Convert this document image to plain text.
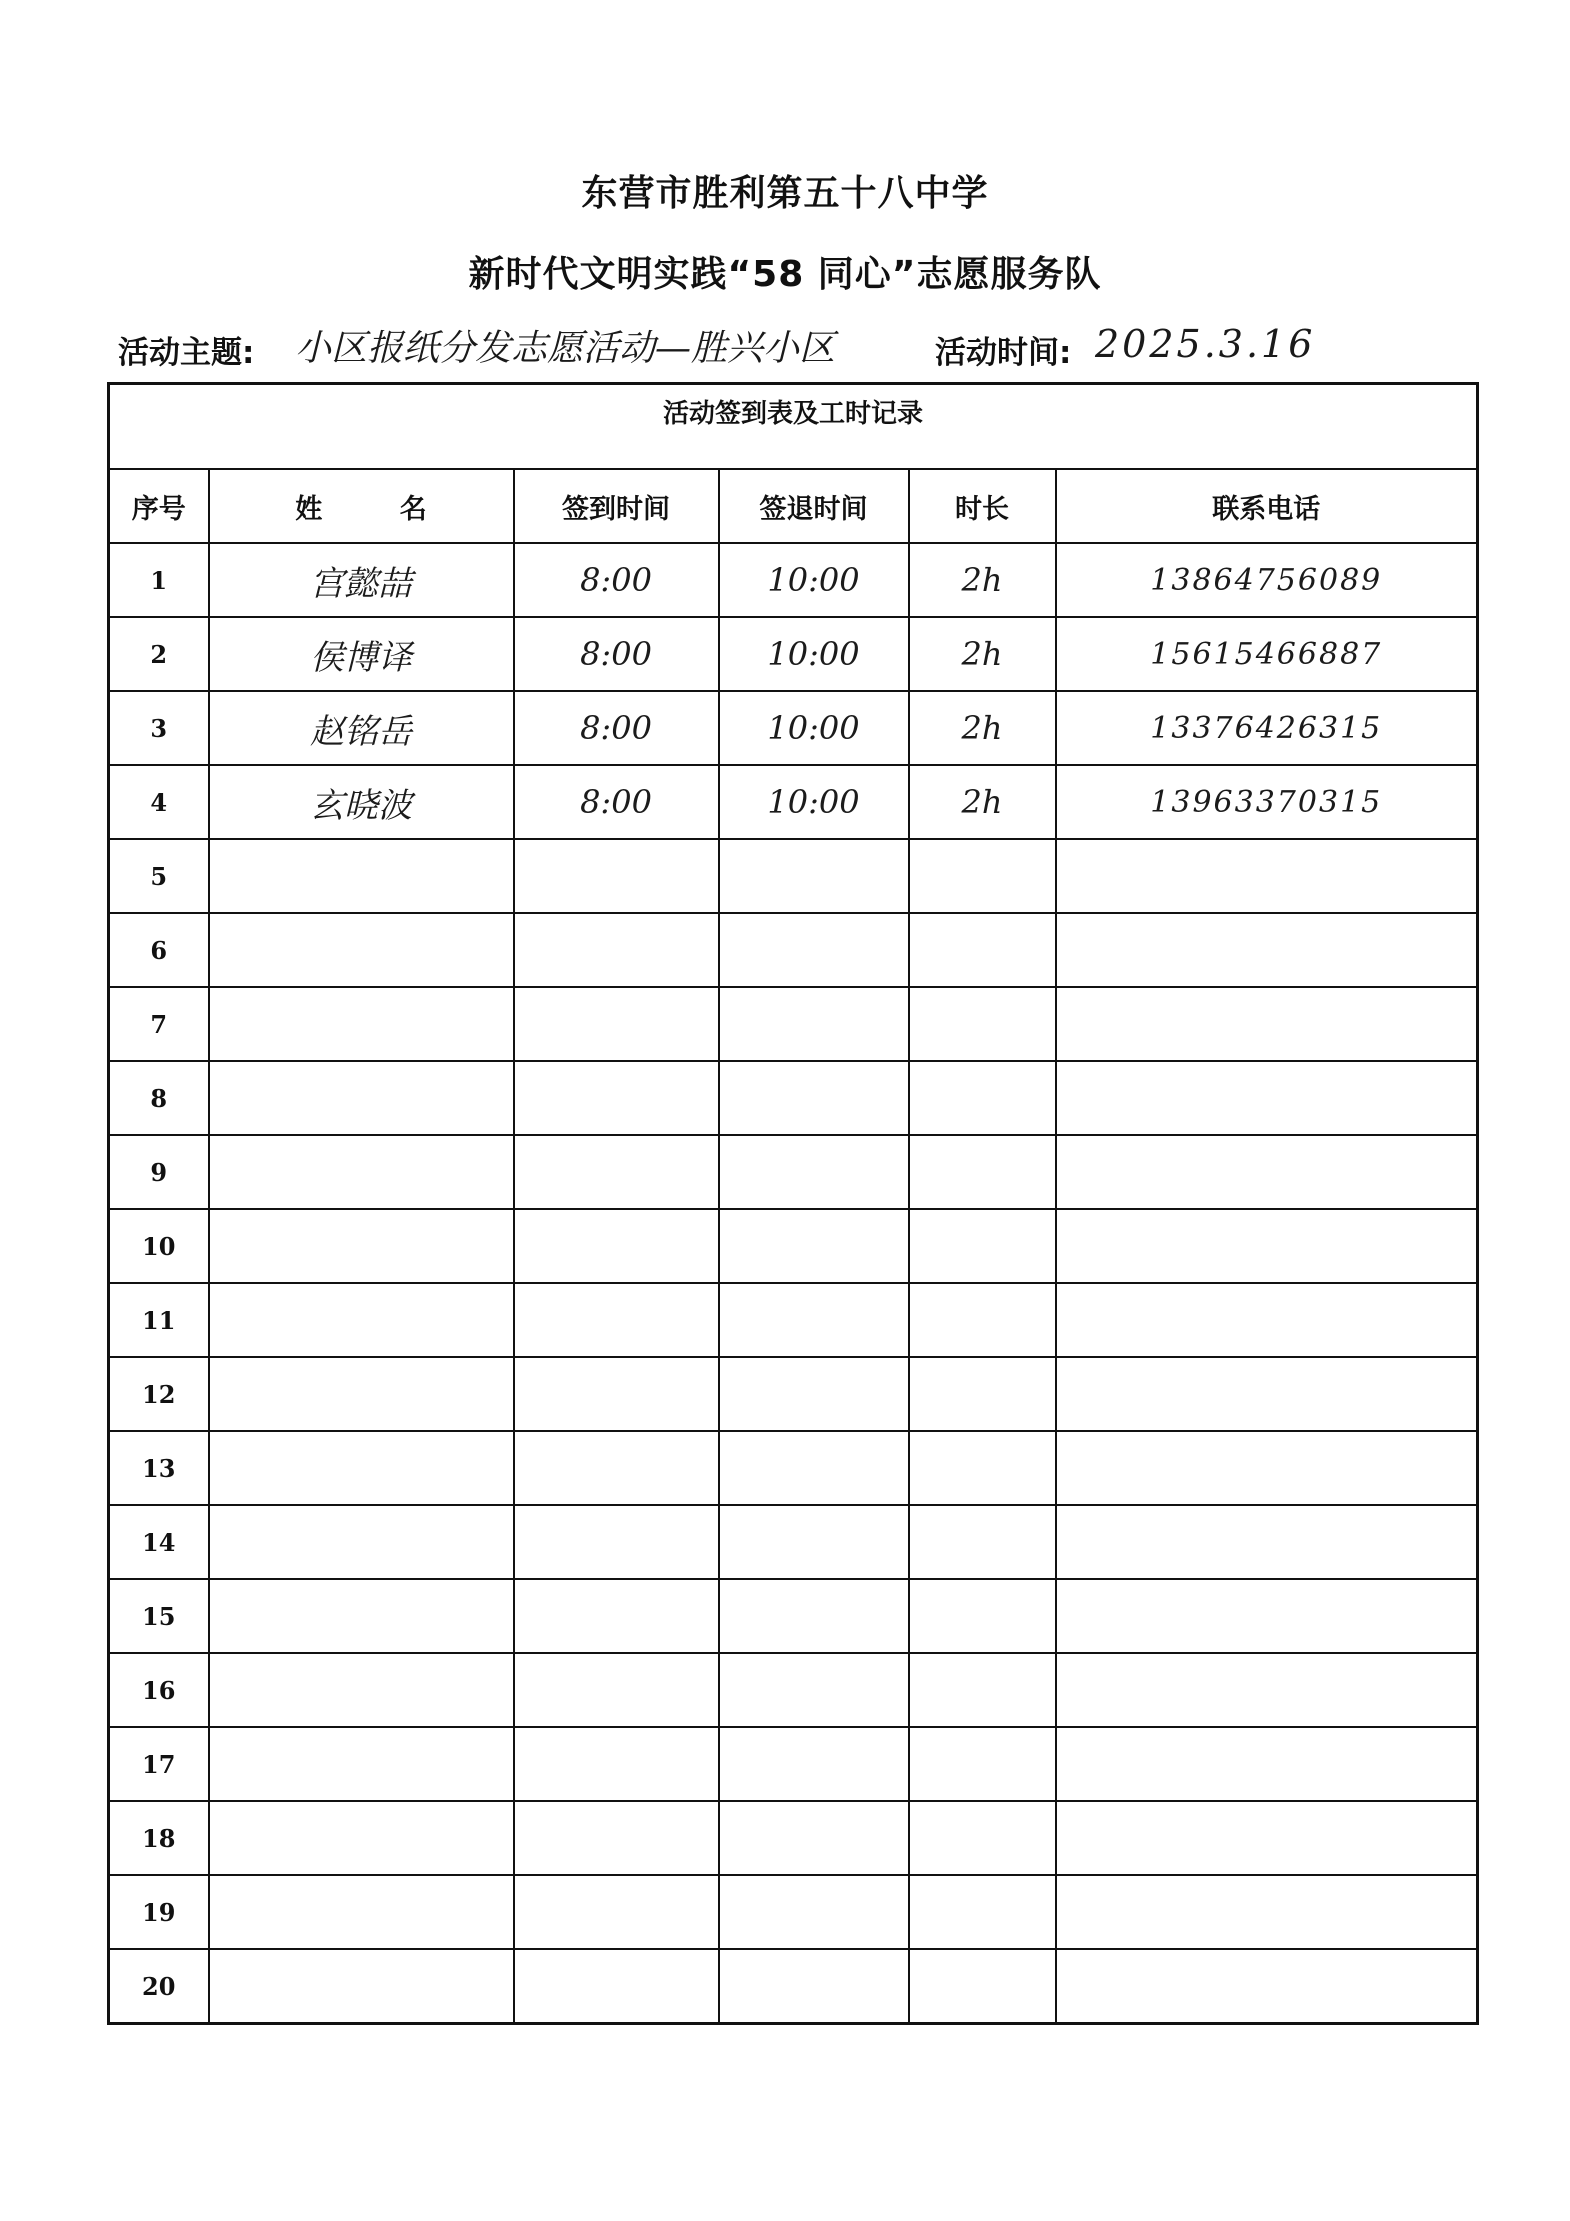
东营市胜利第五十八中学
新时代文明实践“58 同心”志愿服务队
活动主题: 小区报纸分发志愿活动—胜兴小区	活动时间: 2025.3.16
活动签到表及工时记录					
序号	姓 名	签到时间	签退时间	时长	联系电话
1	宫懿喆	8:00	10:00	2h	13864756089
2	侯博译	8:00	10:00	2h	15615466887
3	赵铭岳	8:00	10:00	2h	13376426315
4	玄晓波	8:00	10:00	2h	13963370315
5					
6					
7					
8					
9					
10					
11					
12					
13					
14					
15					
16					
17					
18					
19					
20					
